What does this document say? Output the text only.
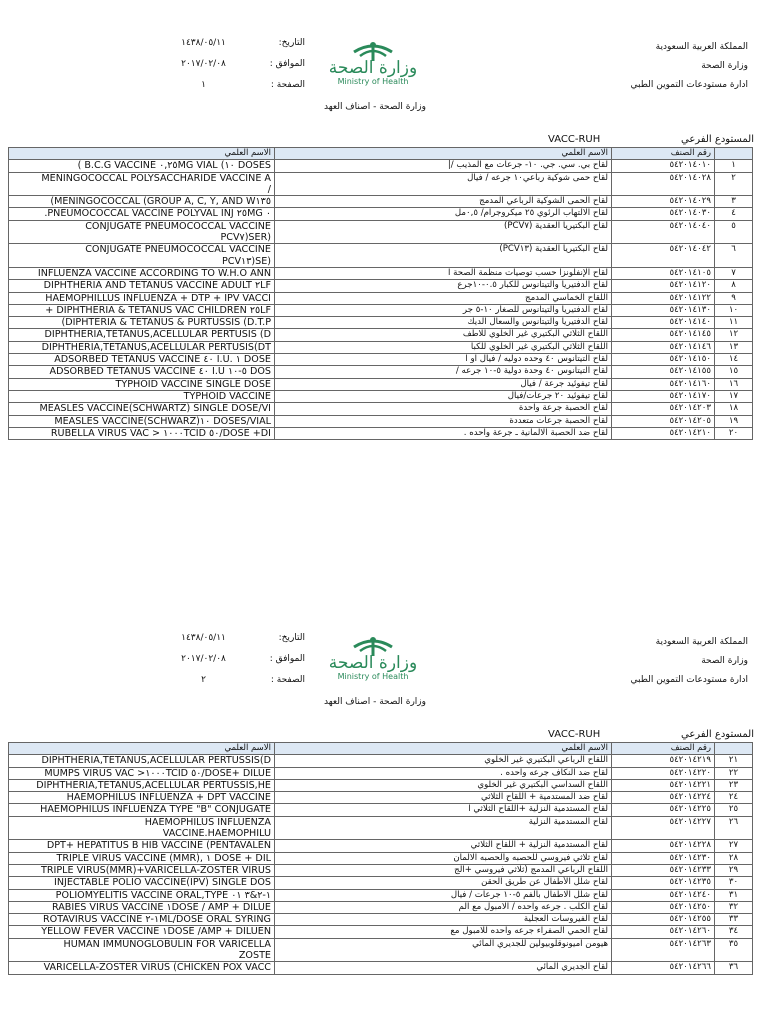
التاريخ:
١٤٣٨/٠٥/١١
الموافق :
٢٠١٧/٠٢/٠٨
الصفحة :
١
وزارة الصحة
Ministry of Health
المملكة العربية السعودية
وزارة الصحة
ادارة مستودعات التموين الطبي
وزارة الصحة - اصناف العهد
VACC-RUH	المستودع الفرعي
الاسم العلمي	الاسم العلمي	رقم الصنف	
( B.C.G VACCINE ٠,٢٥MG VIAL (١٠ DOSES	لقاح بي. سي. جي. ١٠- جرعات مع المذيب /|	٥٤٢٠١٤٠١٠	١
MENINGOCOCCAL POLYSACCHARIDE VACCINE A
/	لقاح حمى شوكية رباعي١٠ جرعه / فيال	٥٤٢٠١٤٠٢٨	٢
(MENINGOCOCCAL (GROUP A, C, Y, AND W١٣٥	لقاح الحمى الشوكية الرباعي المدمج	٥٤٢٠١٤٠٢٩	٣
.PNEUMOCOCCAL VACCINE POLYVAL INJ ٢٥MG ٠	لقاح الالتهاب الرئوي ٢٥ ميكروجرام/ ٠,٥مل	٥٤٢٠١٤٠٣٠	٤
CONJUGATE PNEUMOCOCCAL VACCINE
PCV٧)SER)	لقاح البكتيريا العقدية (PCV٧)	٥٤٢٠١٤٠٤٠	٥
CONJUGATE PNEUMOCOCCAL VACCINE
PCV١٣)SE)	لقاح البكتيريا العقدية (PCV١٣)	٥٤٢٠١٤٠٤٢	٦
INFLUENZA VACCINE ACCORDING TO W.H.O ANN	لقاح الإنفلونزا حسب توصيات منظمة الصحة ا	٥٤٢٠١٤١٠٥	٧
DIPHTHERIA AND TETANUS VACCINE ADULT ٢LF	لقاح الدفتيريا والتيتانوس للكبار ٠.٥-١٠جرع	٥٤٢٠١٤١٢٠	٨
HAEMOPHILLUS INFLUENZA + DTP + IPV VACCI	اللقاح الخماسي المدمج	٥٤٢٠١٤١٢٢	٩
+ DIPHTHERIA & TETANUS VAC CHILDREN ٢٥LF	لقاح الدفتيريا والتيتانوس للصغار ١٠-٥ جر	٥٤٢٠١٤١٣٠	١٠
(DIPHTERIA & TETANUS & PURTUSSIS (D.T.P	لقاح الدفتيريا والتيتانوس والسعال الديك	٥٤٢٠١٤١٤٠	١١
DIPHTHERIA,TETANUS,ACELLULAR PERTUSIS (D	اللقاح الثلاثي البكتيري غير الخلوي للاطف	٥٤٢٠١٤١٤٥	١٢
DIPHTHERIA,TETANUS,ACELLULAR PERTUSIS(DT	اللقاح الثلاثي البكتيري غير الخلوي للكبا	٥٤٢٠١٤١٤٦	١٣
ADSORBED TETANUS VACCINE ٤٠ I.U. ١ DOSE	لقاح التيتانوس ٤٠ وحده دوليه / فيال او ا	٥٤٢٠١٤١٥٠	١٤
ADSORBED TETANUS VACCINE ٤٠ I.U ٥-١٠ DOS	لقاح التيتانوس ٤٠ وحدة دولية ٥-١٠ جرعه /	٥٤٢٠١٤١٥٥	١٥
TYPHOID VACCINE SINGLE DOSE	لقاح تيفوئيد جرعة / فيال	٥٤٢٠١٤١٦٠	١٦
TYPHOID VACCINE	لقاح تيفوئيد ٢٠ جرعات/فيال	٥٤٢٠١٤١٧٠	١٧
MEASLES VACCINE(SCHWARTZ) SINGLE DOSE/VI	لقاح الحصبة جرعة واحدة	٥٤٢٠١٤٢٠٣	١٨
MEASLES VACCINE(SCHWARZ)١٠ DOSES/VIAL	لقاح الحصبة جرعات متعددة	٥٤٢٠١٤٢٠٥	١٩
RUBELLA VIRUS VAC > ١٠٠٠TCID ٥٠/DOSE +DI	لقاح ضد الحصبة الالمانية ـ جرعة واحده .	٥٤٢٠١٤٢١٠	٢٠
التاريخ:
١٤٣٨/٠٥/١١
الموافق :
٢٠١٧/٠٢/٠٨
الصفحة :
٢
وزارة الصحة
Ministry of Health
المملكة العربية السعودية
وزارة الصحة
ادارة مستودعات التموين الطبي
وزارة الصحة - اصناف العهد
VACC-RUH	المستودع الفرعي
الاسم العلمي	الاسم العلمي	رقم الصنف	
DIPHTHERIA,TETANUS,ACELLULAR PERTUSSIS(D	اللقاح الرباعي البكتيري غير الخلوي	٥٤٢٠١٤٢١٩	٢١
MUMPS VIRUS VAC >١٠٠٠TCID ٥٠/DOSE+ DILUE	لقاح ضد النكاف جرعه واحده .	٥٤٢٠١٤٢٢٠	٢٢
DIPHTHERIA,TETANUS,ACELLULAR PERTUSSIS,HE	اللقاح السداسي البكتيري غير الخلوي	٥٤٢٠١٤٢٢١	٢٣
HAEMOPHILUS INFLUENZA + DPT VACCINE	لقاح ضد المستدمية + اللقاح الثلاثي	٥٤٢٠١٤٢٢٤	٢٤
HAEMOPHILUS INFLUENZA TYPE "B" CONJUGATE	لقاح المستدمية النزلية +اللقاح الثلاثي ا	٥٤٢٠١٤٢٢٥	٢٥
HAEMOPHILUS INFLUENZA
VACCINE.HAEMOPHILU	لقاح المستدمية النزلية	٥٤٢٠١٤٢٢٧	٢٦
DPT+ HEPATITUS B HIB VACCINE (PENTAVALEN	لقاح المستدمية النزلية + اللقاح الثلاثي	٥٤٢٠١٤٢٢٨	٢٧
TRIPLE VIRUS VACCINE (MMR), ١ DOSE + DIL	لقاح ثلاثي فيروسي للحصبه والحصبه الالمان	٥٤٢٠١٤٢٣٠	٢٨
TRIPLE VIRUS(MMR)+VARICELLA-ZOSTER VIRUS	اللقاح الرباعي المدمج (ثلاثي فيروسي +الج	٥٤٢٠١٤٢٣٣	٢٩
INJECTABLE POLIO VACCINE(IPV) SINGLE DOS	لقاح شلل الأطفال عن طريق الحقن	٥٤٢٠١٤٢٣٥	٣٠
POLIOMYELITIS VACCINE ORAL,TYPE ١-٢&٣ ٠١	لقاح شلل الاطفال بالفم ٥-١٠ جرعات / فيال	٥٤٢٠١٤٢٤٠	٣١
RABIES VIRUS VACCINE ١DOSE / AMP + DILUE	لقاح الكلب . جرعه واحده / الامبول مع الم	٥٤٢٠١٤٢٥٠	٣٢
ROTAVIRUS VACCINE ١-٢ML/DOSE ORAL SYRING	لقاح الفيروسات العجلية	٥٤٢٠١٤٢٥٥	٣٣
YELLOW FEVER VACCINE ١DOSE /AMP + DILUEN	لقاح الحمي الصفراء جرعه واحده للامبول مع	٥٤٢٠١٤٢٦٠	٣٤
HUMAN IMMUNOGLOBULIN FOR VARICELLA
ZOSTE	هيومن اميونوقلوبيولين للجديري المائي	٥٤٢٠١٤٢٦٣	٣٥
VARICELLA-ZOSTER VIRUS (CHICKEN POX VACC	لقاح الجديري المائي	٥٤٢٠١٤٢٦٦	٣٦
